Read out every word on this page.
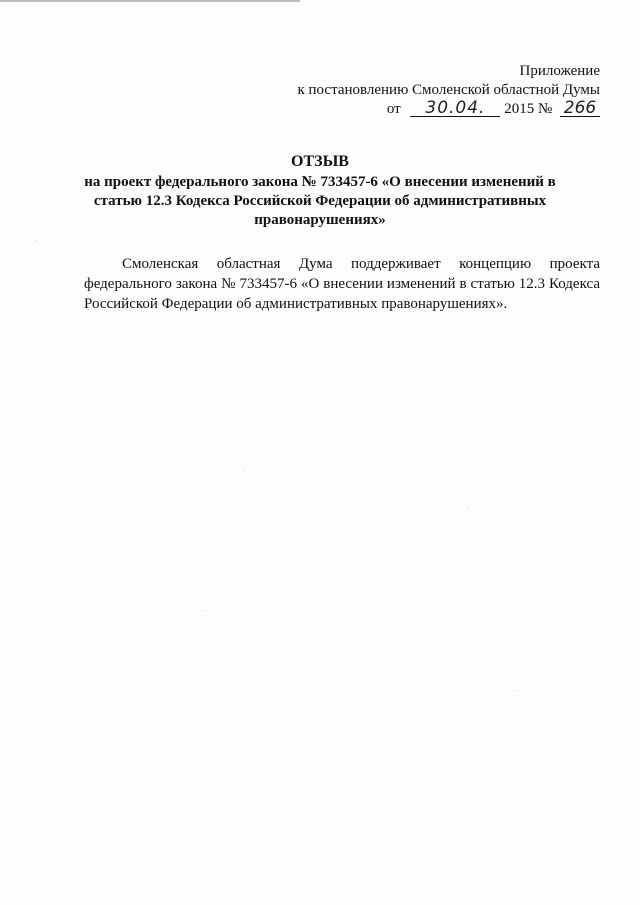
Приложение
к постановлению Смоленской областной Думы
от 30.04. 2015 № 266
ОТЗЫВ
на проект федерального закона № 733457-6 «О внесении изменений в статью 12.3 Кодекса Российской Федерации об административных правонарушениях»
Смоленская областная Дума поддерживает концепцию проекта федерального закона № 733457-6 «О внесении изменений в статью 12.3 Кодекса Российской Федерации об административных правонарушениях».
